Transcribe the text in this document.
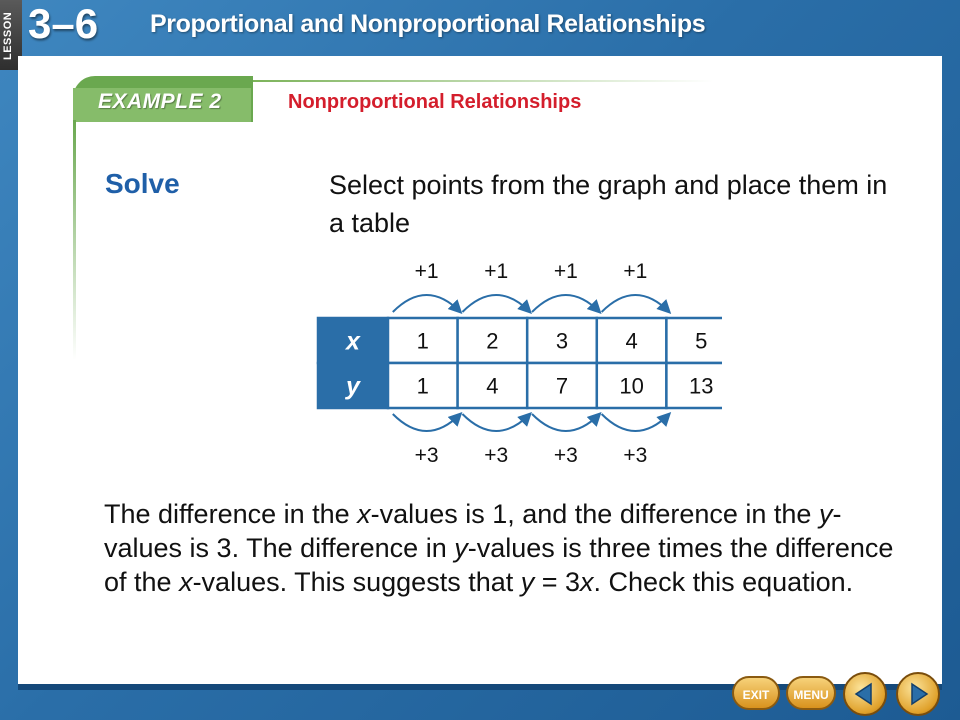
LESSON 3–6 Proportional and Nonproportional Relationships
EXAMPLE 2	Nonproportional Relationships
Solve	Select points from the graph and place them in a table
x	1	2	3	4	5
y	1	4	7 10 13
+1 +1 +1 +1
+3 +3 +3 +3
The difference in the x-values is 1, and the difference in the y-values is 3. The difference in y-values is three times the difference of the x-values. This suggests that y = 3x. Check this equation.
EXIT	MENU
